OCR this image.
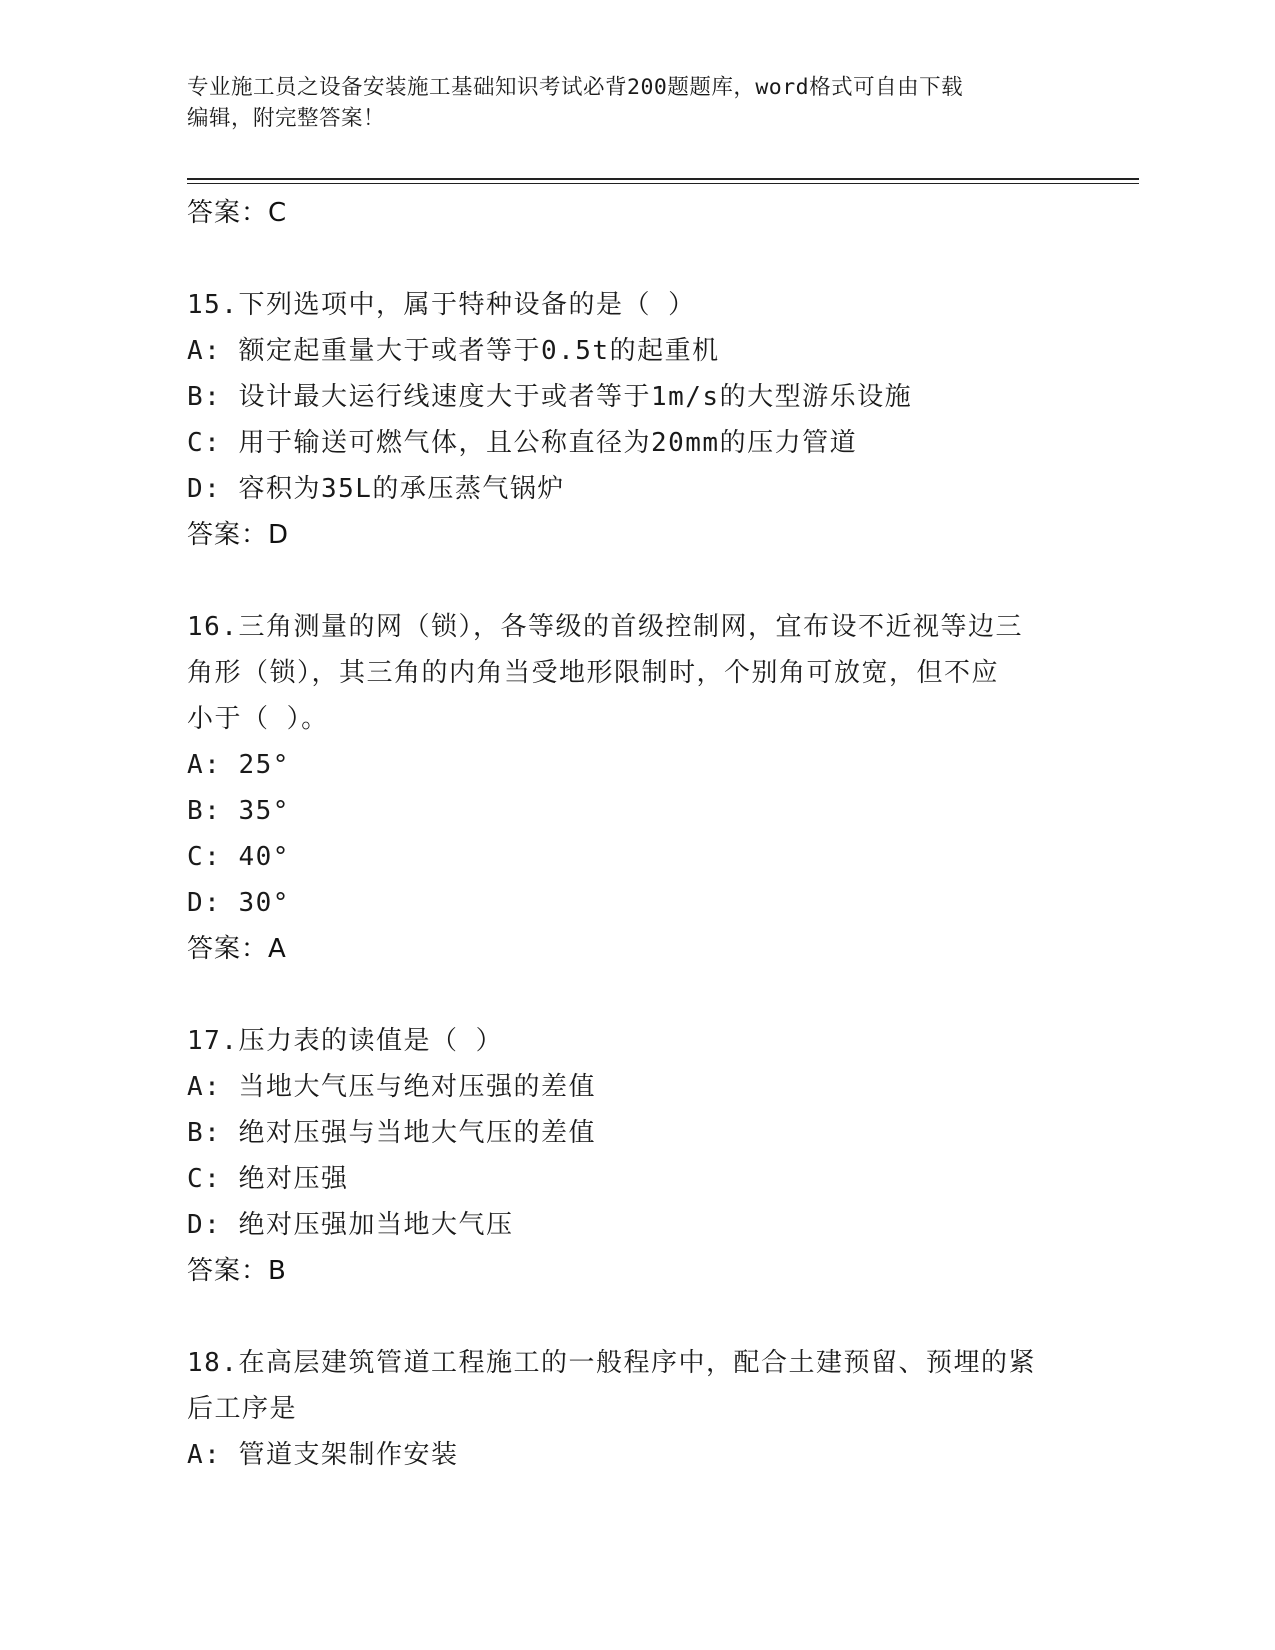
专业施工员之设备安装施工基础知识考试必背200题题库，word格式可自由下载
编辑，附完整答案！
答案：C
15.下列选项中，属于特种设备的是（ ）
A: 额定起重量大于或者等于0.5t的起重机
B: 设计最大运行线速度大于或者等于1m/s的大型游乐设施
C: 用于输送可燃气体，且公称直径为20mm的压力管道
D: 容积为35L的承压蒸气锅炉
答案：D
16.三角测量的网（锁），各等级的首级控制网，宜布设不近视等边三
角形（锁），其三角的内角当受地形限制时，个别角可放宽，但不应
小于（ ）。
A: 25°
B: 35°
C: 40°
D: 30°
答案：A
17.压力表的读值是（ ）
A: 当地大气压与绝对压强的差值
B: 绝对压强与当地大气压的差值
C: 绝对压强
D: 绝对压强加当地大气压
答案：B
18.在高层建筑管道工程施工的一般程序中，配合土建预留、预埋的紧
后工序是
A: 管道支架制作安装
